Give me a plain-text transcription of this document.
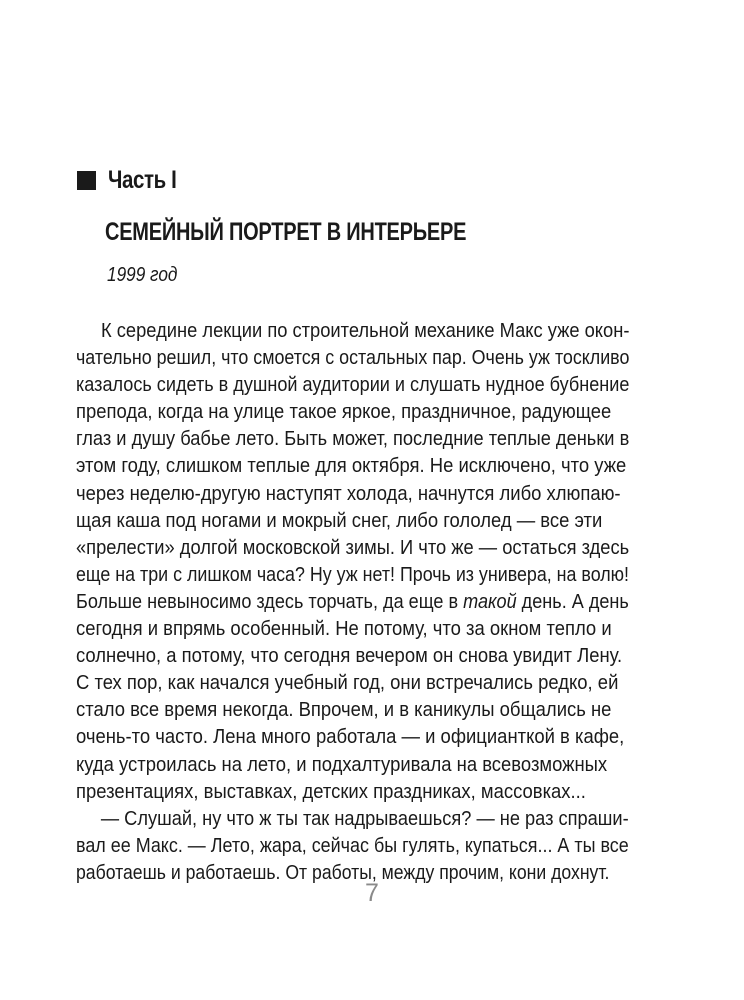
Часть I
СЕМЕЙНЫЙ ПОРТРЕТ В ИНТЕРЬЕРЕ
1999 год
К середине лекции по строительной механике Макс уже окон-
чательно решил, что смоется с остальных пар. Очень уж тоскливо
казалось сидеть в душной аудитории и слушать нудное бубнение
препода, когда на улице такое яркое, праздничное, радующее
глаз и душу бабье лето. Быть может, последние теплые деньки в
этом году, слишком теплые для октября. Не исключено, что уже
через неделю-другую наступят холода, начнутся либо хлюпаю-
щая каша под ногами и мокрый снег, либо гололед — все эти
«прелести» долгой московской зимы. И что же — остаться здесь
еще на три с лишком часа? Ну уж нет! Прочь из универа, на волю!
Больше невыносимо здесь торчать, да еще в такой день. А день
сегодня и впрямь особенный. Не потому, что за окном тепло и
солнечно, а потому, что сегодня вечером он снова увидит Лену.
С тех пор, как начался учебный год, они встречались редко, ей
стало все время некогда. Впрочем, и в каникулы общались не
очень-то часто. Лена много работала — и официанткой в кафе,
куда устроилась на лето, и подхалтуривала на всевозможных
презентациях, выставках, детских праздниках, массовках...
— Слушай, ну что ж ты так надрываешься? — не раз спраши-
вал ее Макс. — Лето, жара, сейчас бы гулять, купаться... А ты все
работаешь и работаешь. От работы, между прочим, кони дохнут.
7
